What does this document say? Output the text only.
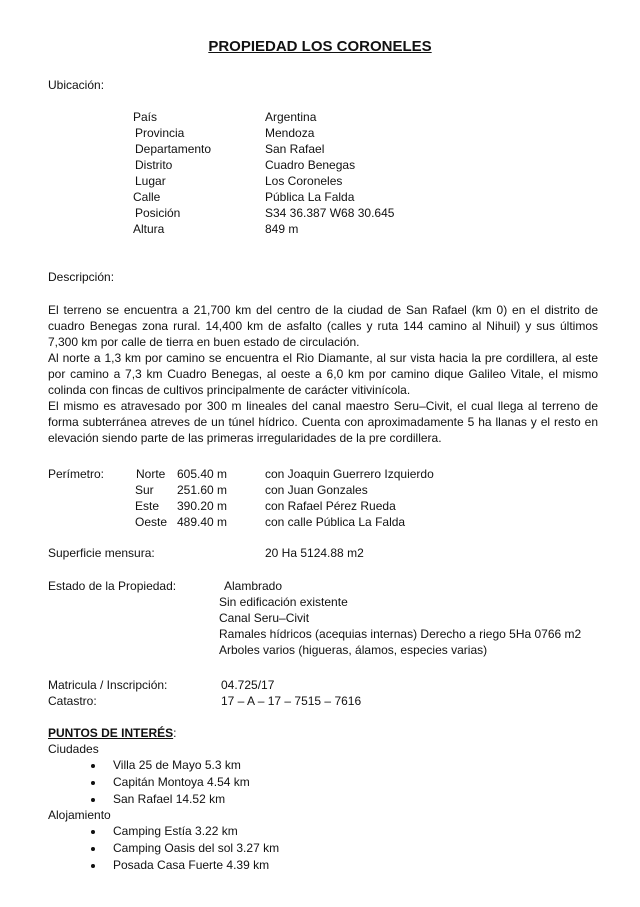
PROPIEDAD LOS CORONELES
Ubicación:
País	Argentina
Provincia	Mendoza
Departamento	San Rafael
Distrito	Cuadro Benegas
Lugar	Los Coroneles
Calle	Pública La Falda
Posición	S34 36.387 W68 30.645
Altura	849 m
Descripción:
El terreno se encuentra a 21,700 km del centro de la ciudad de San Rafael (km 0) en el distrito de cuadro Benegas zona rural. 14,400 km de asfalto (calles y ruta 144 camino al Nihuil) y sus últimos 7,300 km por calle de tierra en buen estado de circulación.
Al norte a 1,3 km por camino se encuentra el Rio Diamante, al sur vista hacia la pre cordillera, al este por camino a 7,3 km Cuadro Benegas, al oeste a 6,0 km por camino dique Galileo Vitale, el mismo colinda con fincas de cultivos principalmente de carácter vitivinícola.
El mismo es atravesado por 300 m lineales del canal maestro Seru–Civit, el cual llega al terreno de forma subterránea atreves de un túnel hídrico. Cuenta con aproximadamente 5 ha llanas y el resto en elevación siendo parte de las primeras irregularidades de la pre cordillera.
Perímetro:	Norte 605.40 m	con Joaquin Guerrero Izquierdo
Sur 251.60 m	con Juan Gonzales
Este 390.20 m	con Rafael Pérez Rueda
Oeste 489.40 m	con calle Pública La Falda
Superficie mensura:	20 Ha 5124.88 m2
Estado de la Propiedad:	Alambrado
Sin edificación existente
Canal Seru–Civit
Ramales hídricos (acequias internas) Derecho a riego 5Ha 0766 m2
Arboles varios (higueras, álamos, especies varias)
Matricula / Inscripción:	04.725/17
Catastro:	17 – A – 17 – 7515 – 7616
PUNTOS DE INTERÉS:
Ciudades
Villa 25 de Mayo 5.3 km
Capitán Montoya 4.54 km
San Rafael 14.52 km
Alojamiento
Camping Estía 3.22 km
Camping Oasis del sol 3.27 km
Posada Casa Fuerte 4.39 km
